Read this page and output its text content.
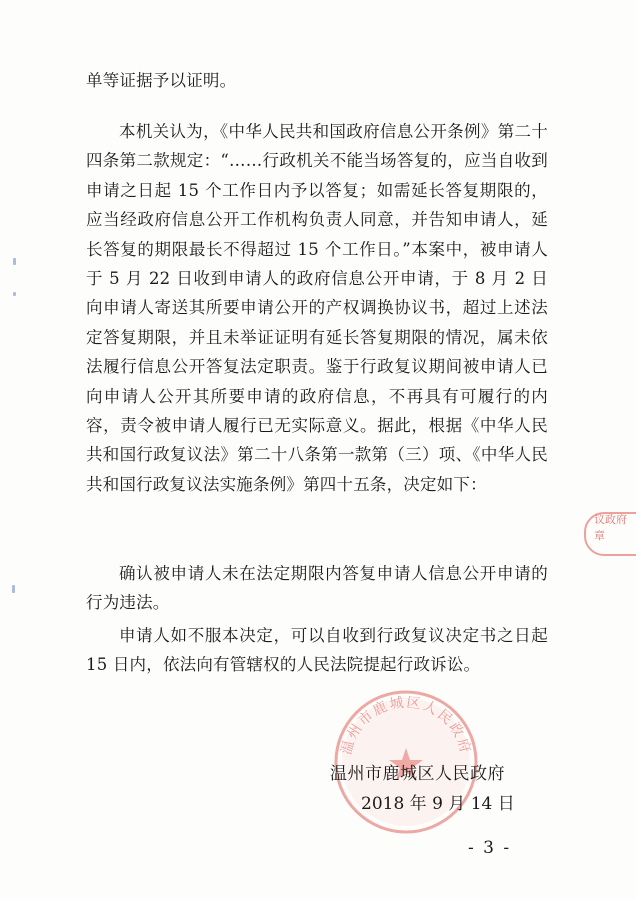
单等证据予以证明。
本机关认为，《中华人民共和国政府信息公开条例》第二十四条第二款规定：“……行政机关不能当场答复的，应当自收到申请之日起 15 个工作日内予以答复；如需延长答复期限的，应当经政府信息公开工作机构负责人同意，并告知申请人，延长答复的期限最长不得超过 15 个工作日。”本案中，被申请人于 5 月 22 日收到申请人的政府信息公开申请，于 8 月 2 日向申请人寄送其所要申请公开的产权调换协议书，超过上述法定答复期限，并且未举证证明有延长答复期限的情况，属未依法履行信息公开答复法定职责。鉴于行政复议期间被申请人已向申请人公开其所要申请的政府信息，不再具有可履行的内容，责令被申请人履行已无实际意义。据此，根据《中华人民共和国行政复议法》第二十八条第一款第（三）项、《中华人民共和国行政复议法实施条例》第四十五条，决定如下：
确认被申请人未在法定期限内答复申请人信息公开申请的行为违法。
申请人如不服本决定，可以自收到行政复议决定书之日起 15 日内，依法向有管辖权的人民法院提起行政诉讼。
温州市鹿城区人民政府
温州市鹿城区人民政府
2018 年 9 月 14 日
- 3 -
议政府
章
